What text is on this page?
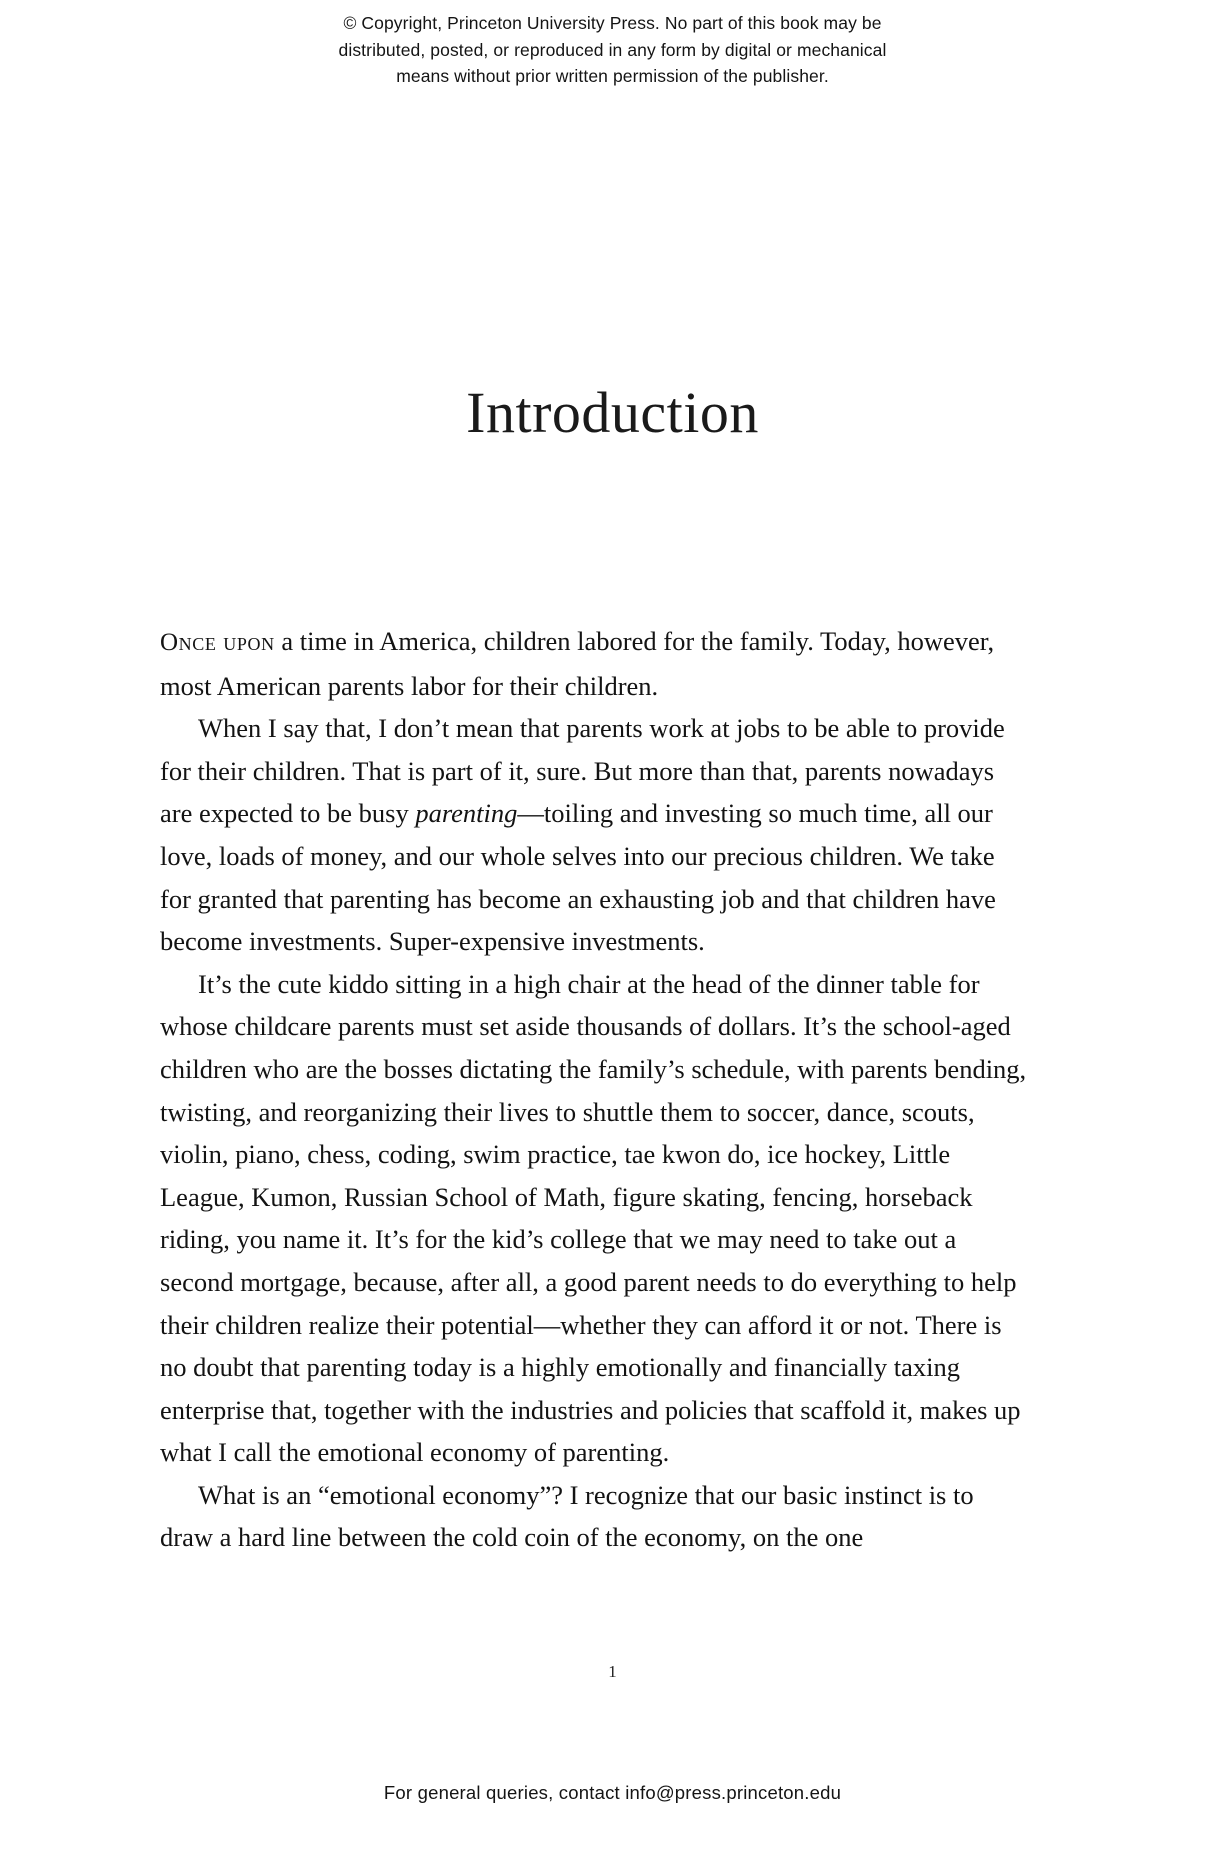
© Copyright, Princeton University Press. No part of this book may be
distributed, posted, or reproduced in any form by digital or mechanical
means without prior written permission of the publisher.
Introduction

Once upon a time in America, children labored for the family. Today, however, most American parents labor for their children.

When I say that, I don’t mean that parents work at jobs to be able to provide for their children. That is part of it, sure. But more than that, parents nowadays are expected to be busy parenting—toiling and investing so much time, all our love, loads of money, and our whole selves into our precious children. We take for granted that parenting has become an exhausting job and that children have become investments. Super-expensive investments.

It’s the cute kiddo sitting in a high chair at the head of the dinner table for whose childcare parents must set aside thousands of dollars. It’s the school-aged children who are the bosses dictating the family’s schedule, with parents bending, twisting, and reorganizing their lives to shuttle them to soccer, dance, scouts, violin, piano, chess, coding, swim practice, tae kwon do, ice hockey, Little League, Kumon, Russian School of Math, figure skating, fencing, horseback riding, you name it. It’s for the kid’s college that we may need to take out a second mortgage, because, after all, a good parent needs to do everything to help their children realize their potential—whether they can afford it or not. There is no doubt that parenting today is a highly emotionally and financially taxing enterprise that, together with the industries and policies that scaffold it, makes up what I call the emotional economy of parenting.

What is an “emotional economy”? I recognize that our basic instinct is to draw a hard line between the cold coin of the economy, on the one

1
For general queries, contact info@press.princeton.edu
